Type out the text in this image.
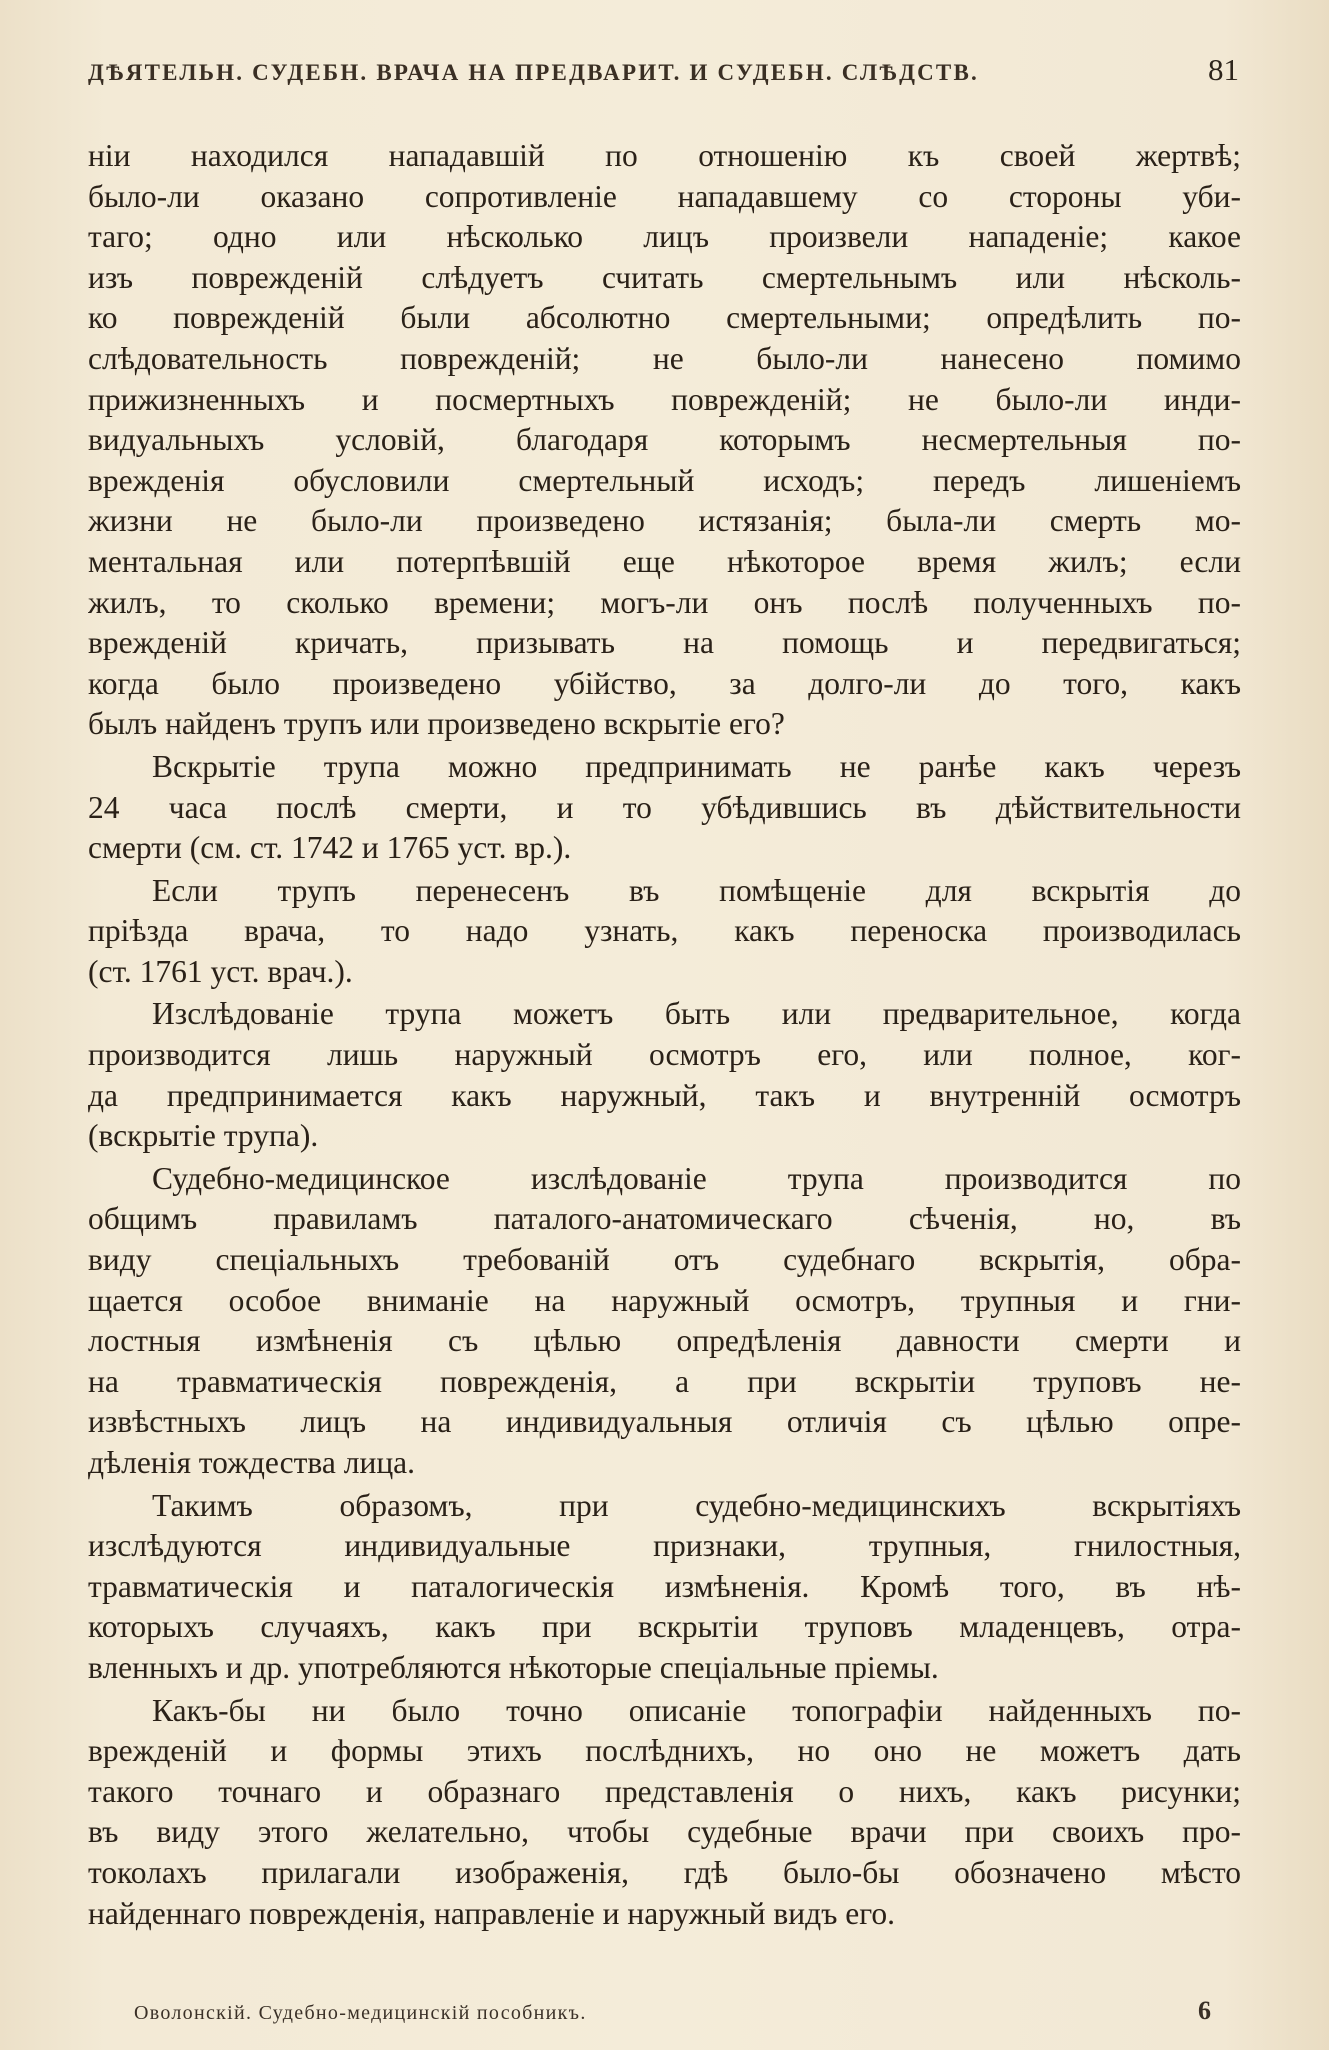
ДѢЯТЕЛЬН. СУДЕБН. ВРАЧА НА ПРЕДВАРИТ. И СУДЕБН. СЛѢДСТВ.	81
нiи находился нападавшiй по отношенiю къ своей жертвѣ;
было-ли оказано сопротивленiе нападавшему со стороны уби-
таго; одно или нѣсколько лицъ произвели нападенiе; какое
изъ поврежденiй слѣдуетъ считать смертельнымъ или нѣсколь-
ко поврежденiй были абсолютно смертельными; опредѣлить по-
слѣдовательность поврежденiй; не было-ли нанесено помимо
прижизненныхъ и посмертныхъ поврежденiй; не было-ли инди-
видуальныхъ условiй, благодаря которымъ несмертельныя по-
врежденiя обусловили смертельный исходъ; передъ лишенiемъ
жизни не было-ли произведено истязанiя; была-ли смерть мо-
ментальная или потерпѣвшiй еще нѣкоторое время жилъ; если
жилъ, то сколько времени; могъ-ли онъ послѣ полученныхъ по-
врежденiй кричать, призывать на помощь и передвигаться;
когда было произведено убiйство, за долго-ли до того, какъ
былъ найденъ трупъ или произведено вскрытiе его?
Вскрытiе трупа можно предпринимать не ранѣе какъ черезъ
24 часа послѣ смерти, и то убѣдившись въ дѣйствительности
смерти (см. ст. 1742 и 1765 уст. вр.).
Если трупъ перенесенъ въ помѣщенiе для вскрытiя до
прiѣзда врача, то надо узнать, какъ переноска производилась
(ст. 1761 уст. врач.).
Изслѣдованiе трупа можетъ быть или предварительное, когда
производится лишь наружный осмотръ его, или полное, ког-
да предпринимается какъ наружный, такъ и внутреннiй осмотръ
(вскрытiе трупа).
Судебно-медицинское изслѣдованiе трупа производится по
общимъ правиламъ паталого-анатомическаго сѣченiя, но, въ
виду спецiальныхъ требованiй отъ судебнаго вскрытiя, обра-
щается особое вниманiе на наружный осмотръ, трупныя и гни-
лостныя измѣненiя съ цѣлью опредѣленiя давности смерти и
на травматическiя поврежденiя, а при вскрытiи труповъ не-
извѣстныхъ лицъ на индивидуальныя отличiя съ цѣлью опре-
дѣленiя тождества лица.
Такимъ образомъ, при судебно-медицинскихъ вскрытiяхъ
изслѣдуются индивидуальные признаки, трупныя, гнилостныя,
травматическiя и паталогическiя измѣненiя. Кромѣ того, въ нѣ-
которыхъ случаяхъ, какъ при вскрытiи труповъ младенцевъ, отра-
вленныхъ и др. употребляются нѣкоторые спецiальные прiемы.
Какъ-бы ни было точно описанiе топографiи найденныхъ по-
врежденiй и формы этихъ послѣднихъ, но оно не можетъ дать
такого точнаго и образнаго представленiя о нихъ, какъ рисунки;
въ виду этого желательно, чтобы судебные врачи при своихъ про-
токолахъ прилагали изображенiя, гдѣ было-бы обозначено мѣсто
найденнаго поврежденiя, направленiе и наружный видъ его.
Оволонскiй. Судебно-медицинскiй пособникъ.	6
